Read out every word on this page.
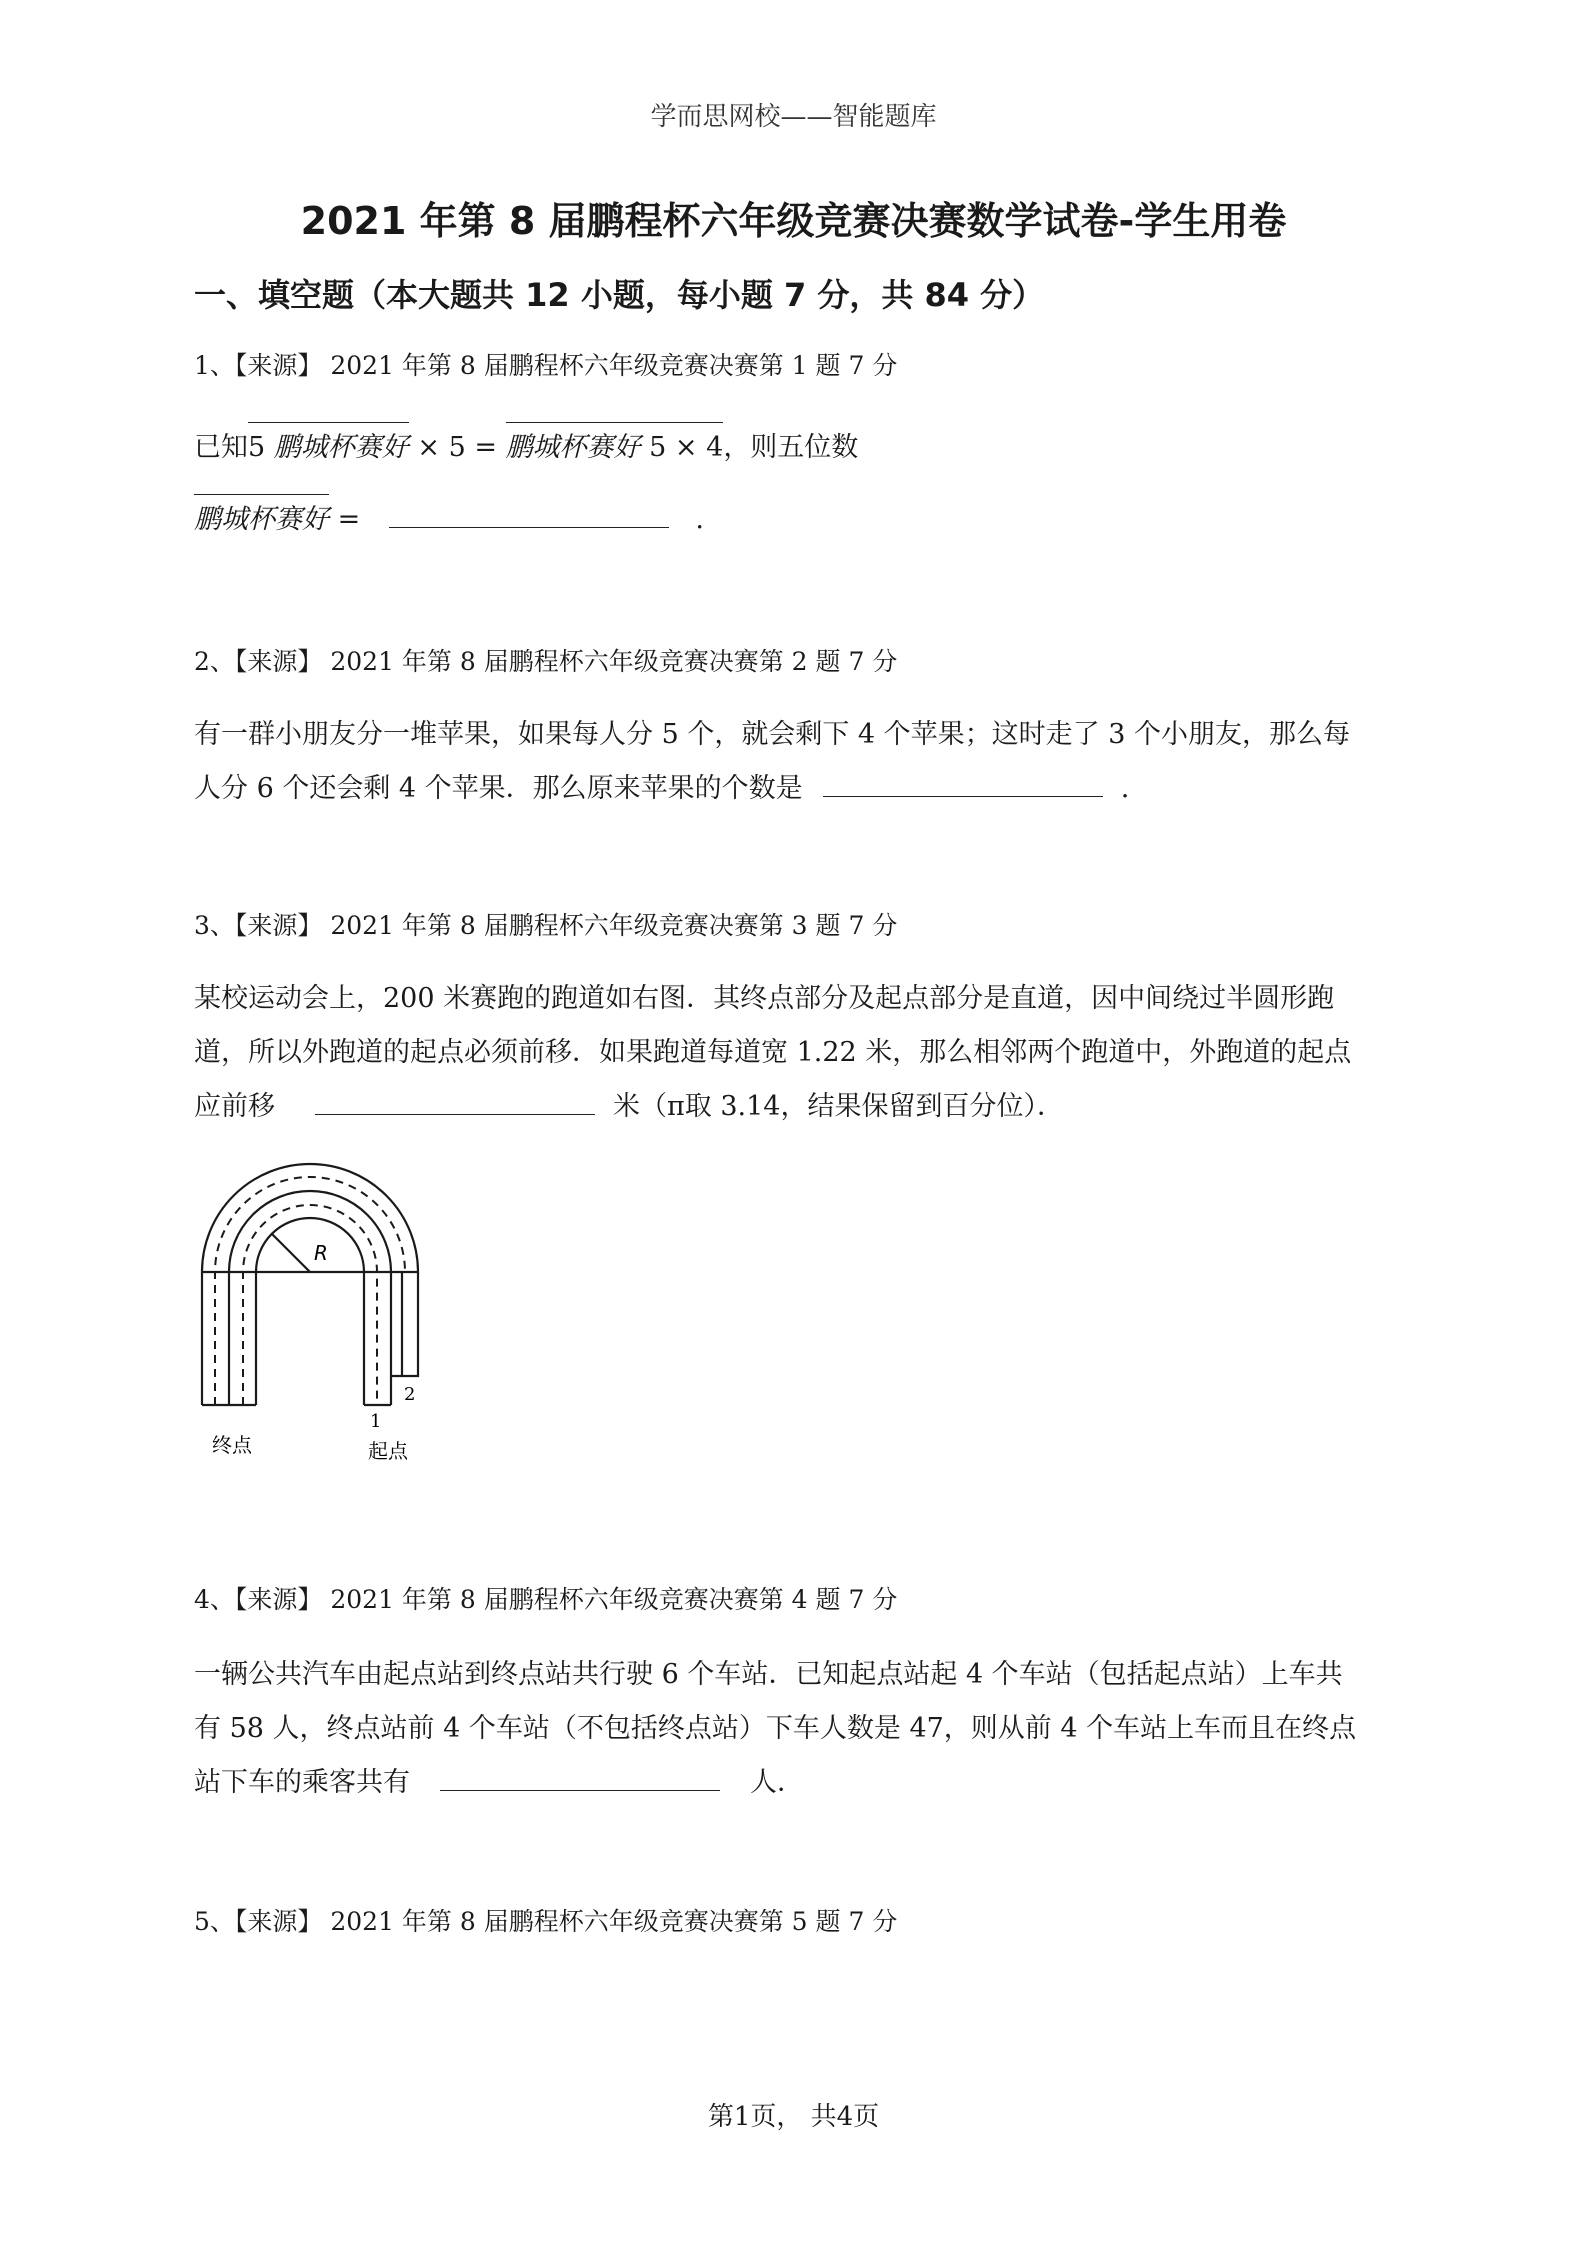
学而思网校——智能题库
2021 年第 8 届鹏程杯六年级竞赛决赛数学试卷-学生用卷
一、填空题（本大题共 12 小题，每小题 7 分，共 84 分）
1、【来源】 2021 年第 8 届鹏程杯六年级竞赛决赛第 1 题 7 分
已知5 鹏城杯赛好 × 5 = 鹏城杯赛好 5 × 4，则五位数
鹏城杯赛好 =	.
2、【来源】 2021 年第 8 届鹏程杯六年级竞赛决赛第 2 题 7 分
有一群小朋友分一堆苹果，如果每人分 5 个，就会剩下 4 个苹果；这时走了 3 个小朋友，那么每
人分 6 个还会剩 4 个苹果．那么原来苹果的个数是	.
3、【来源】 2021 年第 8 届鹏程杯六年级竞赛决赛第 3 题 7 分
某校运动会上，200 米赛跑的跑道如右图．其终点部分及起点部分是直道，因中间绕过半圆形跑
道，所以外跑道的起点必须前移．如果跑道每道宽 1.22 米，那么相邻两个跑道中，外跑道的起点
应前移	米（π取 3.14，结果保留到百分位）．
R
2
1
终点	起点
4、【来源】 2021 年第 8 届鹏程杯六年级竞赛决赛第 4 题 7 分
一辆公共汽车由起点站到终点站共行驶 6 个车站．已知起点站起 4 个车站（包括起点站）上车共
有 58 人，终点站前 4 个车站（不包括终点站）下车人数是 47，则从前 4 个车站上车而且在终点
站下车的乘客共有	人．
5、【来源】 2021 年第 8 届鹏程杯六年级竞赛决赛第 5 题 7 分
第1页， 共4页
